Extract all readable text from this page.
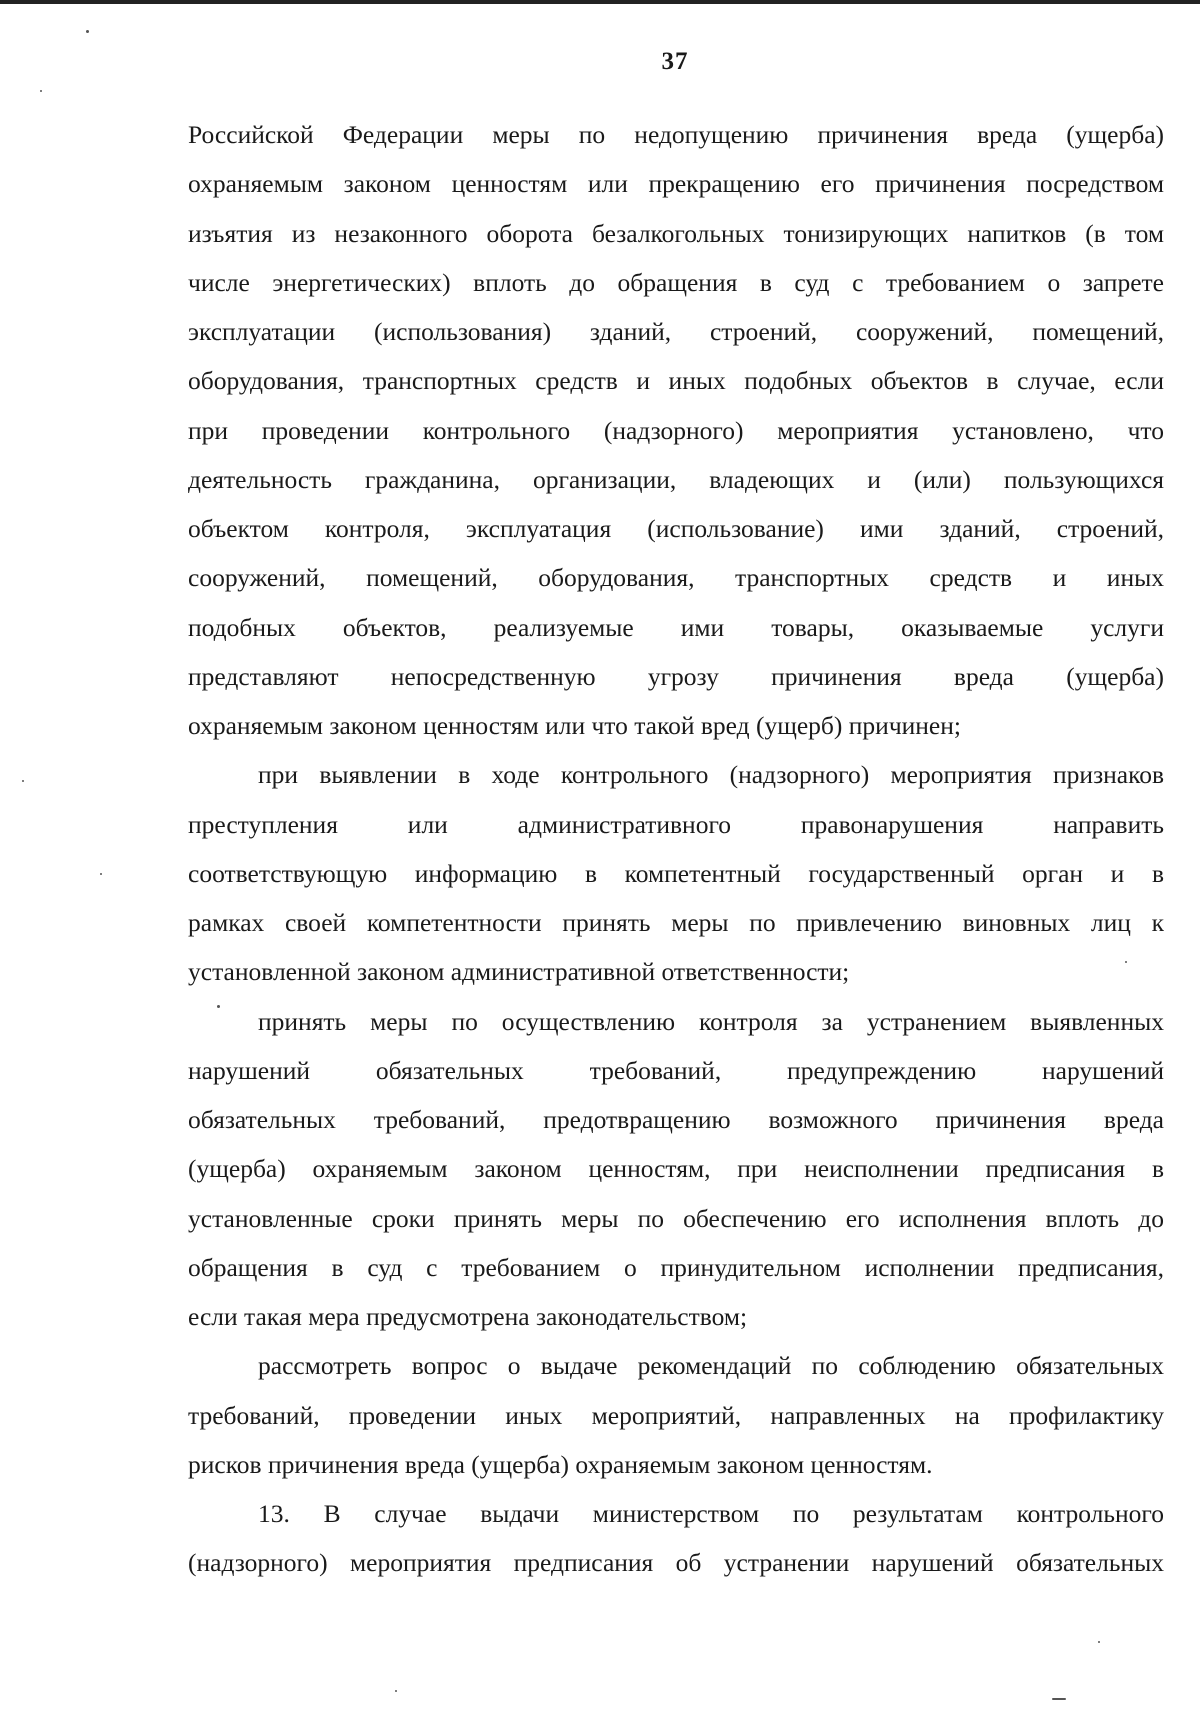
37
Российской Федерации меры по недопущению причинения вреда (ущерба)
охраняемым законом ценностям или прекращению его причинения посредством
изъятия из незаконного оборота безалкогольных тонизирующих напитков (в том
числе энергетических) вплоть до обращения в суд с требованием о запрете
эксплуатации (использования) зданий, строений, сооружений, помещений,
оборудования, транспортных средств и иных подобных объектов в случае, если
при проведении контрольного (надзорного) мероприятия установлено, что
деятельность гражданина, организации, владеющих и (или) пользующихся
объектом контроля, эксплуатация (использование) ими зданий, строений,
сооружений, помещений, оборудования, транспортных средств и иных
подобных объектов, реализуемые ими товары, оказываемые услуги
представляют непосредственную угрозу причинения вреда (ущерба)
охраняемым законом ценностям или что такой вред (ущерб) причинен;
при выявлении в ходе контрольного (надзорного) мероприятия признаков
преступления или административного правонарушения направить
соответствующую информацию в компетентный государственный орган и в
рамках своей компетентности принять меры по привлечению виновных лиц к
установленной законом административной ответственности;
принять меры по осуществлению контроля за устранением выявленных
нарушений обязательных требований, предупреждению нарушений
обязательных требований, предотвращению возможного причинения вреда
(ущерба) охраняемым законом ценностям, при неисполнении предписания в
установленные сроки принять меры по обеспечению его исполнения вплоть до
обращения в суд с требованием о принудительном исполнении предписания,
если такая мера предусмотрена законодательством;
рассмотреть вопрос о выдаче рекомендаций по соблюдению обязательных
требований, проведении иных мероприятий, направленных на профилактику
рисков причинения вреда (ущерба) охраняемым законом ценностям.
13. В случае выдачи министерством по результатам контрольного
(надзорного) мероприятия предписания об устранении нарушений обязательных
